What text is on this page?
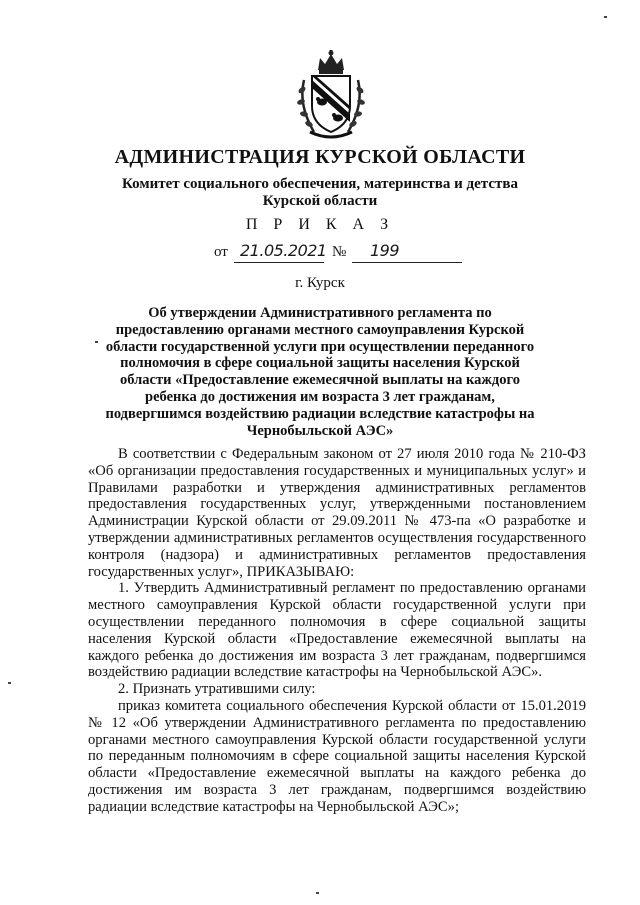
АДМИНИСТРАЦИЯ КУРСКОЙ ОБЛАСТИ
Комитет социального обеспечения, материнства и детства
Курской области
П Р И К А З
от 21.05.2021 № 199
г. Курск
Об утверждении Административного регламента по
предоставлению органами местного самоуправления Курской
области государственной услуги при осуществлении переданного
полномочия в сфере социальной защиты населения Курской
области «Предоставление ежемесячной выплаты на каждого
ребенка до достижения им возраста 3 лет гражданам,
подвергшимся воздействию радиации вследствие катастрофы на
Чернобыльской АЭС»

В соответствии с Федеральным законом от 27 июля 2010 года № 210-ФЗ «Об организации предоставления государственных и муниципальных услуг» и Правилами разработки и утверждения административных регламентов предоставления государственных услуг, утвержденными постановлением Администрации Курской области от 29.09.2011 № 473-па «О разработке и утверждении административных регламентов осуществления государственного контроля (надзора) и административных регламентов предоставления государственных услуг», ПРИКАЗЫВАЮ:

1. Утвердить Административный регламент по предоставлению органами местного самоуправления Курской области государственной услуги при осуществлении переданного полномочия в сфере социальной защиты населения Курской области «Предоставление ежемесячной выплаты на каждого ребенка до достижения им возраста 3 лет гражданам, подвергшимся воздействию радиации вследствие катастрофы на Чернобыльской АЭС».

2. Признать утратившими силу:

приказ комитета социального обеспечения Курской области от 15.01.2019 № 12 «Об утверждении Административного регламента по предоставлению органами местного самоуправления Курской области государственной услуги по переданным полномочиям в сфере социальной защиты населения Курской области «Предоставление ежемесячной выплаты на каждого ребенка до достижения им возраста 3 лет гражданам, подвергшимся воздействию радиации вследствие катастрофы на Чернобыльской АЭС»;
